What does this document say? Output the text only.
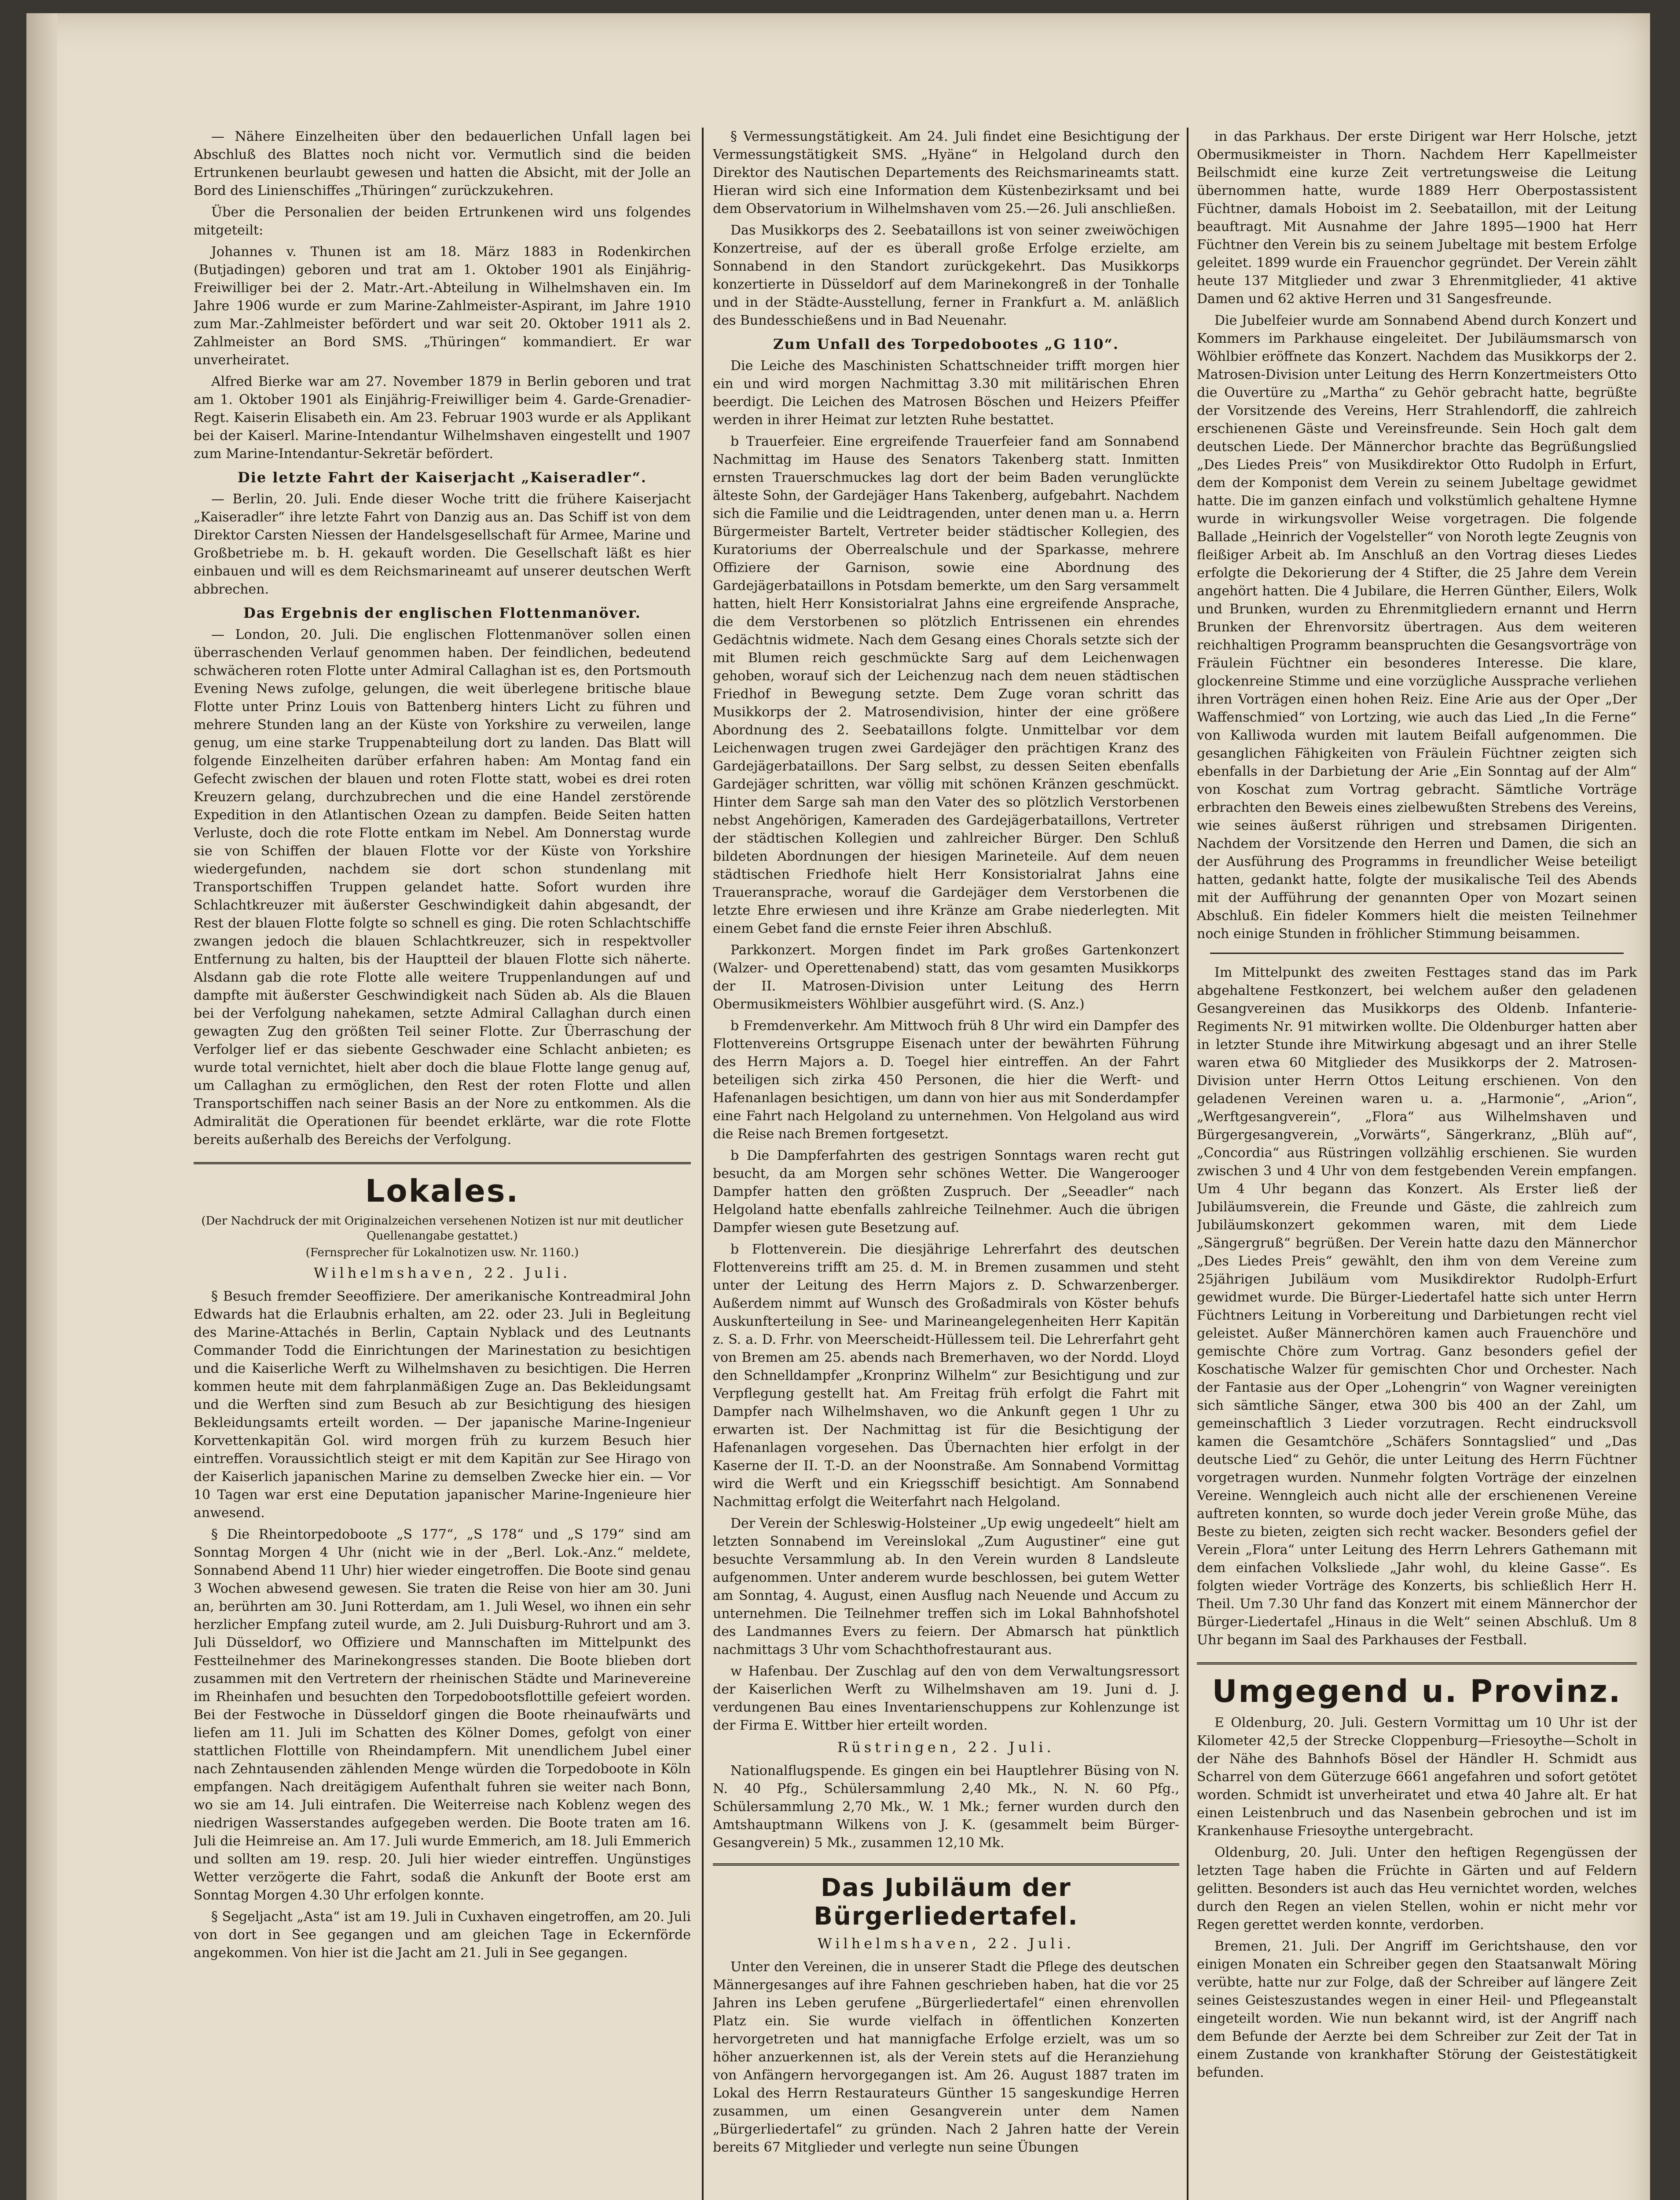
— Nähere Einzelheiten über den bedauerlichen Unfall lagen bei Abschluß des Blattes noch nicht vor. Vermutlich sind die beiden Ertrunkenen beurlaubt gewesen und hatten die Absicht, mit der Jolle an Bord des Linienschiffes „Thüringen“ zurückzukehren.

Über die Personalien der beiden Ertrunkenen wird uns folgendes mitgeteilt:

Johannes v. Thunen ist am 18. März 1883 in Rodenkirchen (Butjadingen) geboren und trat am 1. Oktober 1901 als Einjährig-Freiwilliger bei der 2. Matr.-Art.-Abteilung in Wilhelmshaven ein. Im Jahre 1906 wurde er zum Marine-Zahlmeister-Aspirant, im Jahre 1910 zum Mar.-Zahlmeister befördert und war seit 20. Oktober 1911 als 2. Zahlmeister an Bord SMS. „Thüringen“ kommandiert. Er war unverheiratet.

Alfred Bierke war am 27. November 1879 in Berlin geboren und trat am 1. Oktober 1901 als Einjährig-Freiwilliger beim 4. Garde-Grenadier-Regt. Kaiserin Elisabeth ein. Am 23. Februar 1903 wurde er als Applikant bei der Kaiserl. Marine-Intendantur Wilhelmshaven eingestellt und 1907 zum Marine-Intendantur-Sekretär befördert.

Die letzte Fahrt der Kaiserjacht „Kaiseradler“.

— Berlin, 20. Juli. Ende dieser Woche tritt die frühere Kaiserjacht „Kaiseradler“ ihre letzte Fahrt von Danzig aus an. Das Schiff ist von dem Direktor Carsten Niessen der Handelsgesellschaft für Armee, Marine und Großbetriebe m. b. H. gekauft worden. Die Gesellschaft läßt es hier einbauen und will es dem Reichsmarineamt auf unserer deutschen Werft abbrechen.

Das Ergebnis der englischen Flottenmanöver.

— London, 20. Juli. Die englischen Flottenmanöver sollen einen überraschenden Verlauf genommen haben. Der feindlichen, bedeutend schwächeren roten Flotte unter Admiral Callaghan ist es, den Portsmouth Evening News zufolge, gelungen, die weit überlegene britische blaue Flotte unter Prinz Louis von Battenberg hinters Licht zu führen und mehrere Stunden lang an der Küste von Yorkshire zu verweilen, lange genug, um eine starke Truppenabteilung dort zu landen. Das Blatt will folgende Einzelheiten darüber erfahren haben: Am Montag fand ein Gefecht zwischen der blauen und roten Flotte statt, wobei es drei roten Kreuzern gelang, durchzubrechen und die eine Handel zerstörende Expedition in den Atlantischen Ozean zu dampfen. Beide Seiten hatten Verluste, doch die rote Flotte entkam im Nebel. Am Donnerstag wurde sie von Schiffen der blauen Flotte vor der Küste von Yorkshire wiedergefunden, nachdem sie dort schon stundenlang mit Transportschiffen Truppen gelandet hatte. Sofort wurden ihre Schlachtkreuzer mit äußerster Geschwindigkeit dahin abgesandt, der Rest der blauen Flotte folgte so schnell es ging. Die roten Schlachtschiffe zwangen jedoch die blauen Schlachtkreuzer, sich in respektvoller Entfernung zu halten, bis der Hauptteil der blauen Flotte sich näherte. Alsdann gab die rote Flotte alle weitere Truppenlandungen auf und dampfte mit äußerster Geschwindigkeit nach Süden ab. Als die Blauen bei der Verfolgung nahekamen, setzte Admiral Callaghan durch einen gewagten Zug den größten Teil seiner Flotte. Zur Überraschung der Verfolger lief er das siebente Geschwader eine Schlacht anbieten; es wurde total vernichtet, hielt aber doch die blaue Flotte lange genug auf, um Callaghan zu ermöglichen, den Rest der roten Flotte und allen Transportschiffen nach seiner Basis an der Nore zu entkommen. Als die Admiralität die Operationen für beendet erklärte, war die rote Flotte bereits außerhalb des Bereichs der Verfolgung.

Lokales.
(Der Nachdruck der mit Originalzeichen versehenen Notizen ist nur mit deutlicher Quellenangabe gestattet.)
(Fernsprecher für Lokalnotizen usw. Nr. 1160.)
Wilhelmshaven, 22. Juli.

§ Besuch fremder Seeoffiziere. Der amerikanische Kontreadmiral John Edwards hat die Erlaubnis erhalten, am 22. oder 23. Juli in Begleitung des Marine-Attachés in Berlin, Captain Nyblack und des Leutnants Commander Todd die Einrichtungen der Marinestation zu besichtigen und die Kaiserliche Werft zu Wilhelmshaven zu besichtigen. Die Herren kommen heute mit dem fahrplanmäßigen Zuge an. Das Bekleidungsamt und die Werften sind zum Besuch ab zur Besichtigung des hiesigen Bekleidungsamts erteilt worden. — Der japanische Marine-Ingenieur Korvettenkapitän Gol. wird morgen früh zu kurzem Besuch hier eintreffen. Voraussichtlich steigt er mit dem Kapitän zur See Hirago von der Kaiserlich japanischen Marine zu demselben Zwecke hier ein. — Vor 10 Tagen war erst eine Deputation japanischer Marine-Ingenieure hier anwesend.

§ Die Rheintorpedoboote „S 177“, „S 178“ und „S 179“ sind am Sonntag Morgen 4 Uhr (nicht wie in der „Berl. Lok.-Anz.“ meldete, Sonnabend Abend 11 Uhr) hier wieder eingetroffen. Die Boote sind genau 3 Wochen abwesend gewesen. Sie traten die Reise von hier am 30. Juni an, berührten am 30. Juni Rotterdam, am 1. Juli Wesel, wo ihnen ein sehr herzlicher Empfang zuteil wurde, am 2. Juli Duisburg-Ruhrort und am 3. Juli Düsseldorf, wo Offiziere und Mannschaften im Mittelpunkt des Festteilnehmer des Marinekongresses standen. Die Boote blieben dort zusammen mit den Vertretern der rheinischen Städte und Marinevereine im Rheinhafen und besuchten den Torpedobootsflottille gefeiert worden. Bei der Festwoche in Düsseldorf gingen die Boote rheinaufwärts und liefen am 11. Juli im Schatten des Kölner Domes, gefolgt von einer stattlichen Flottille von Rheindampfern. Mit unendlichem Jubel einer nach Zehntausenden zählenden Menge würden die Torpedoboote in Köln empfangen. Nach dreitägigem Aufenthalt fuhren sie weiter nach Bonn, wo sie am 14. Juli eintrafen. Die Weiterreise nach Koblenz wegen des niedrigen Wasserstandes aufgegeben werden. Die Boote traten am 16. Juli die Heimreise an. Am 17. Juli wurde Emmerich, am 18. Juli Emmerich und sollten am 19. resp. 20. Juli hier wieder eintreffen. Ungünstiges Wetter verzögerte die Fahrt, sodaß die Ankunft der Boote erst am Sonntag Morgen 4.30 Uhr erfolgen konnte.

§ Segeljacht „Asta“ ist am 19. Juli in Cuxhaven eingetroffen, am 20. Juli von dort in See gegangen und am gleichen Tage in Eckernförde angekommen. Von hier ist die Jacht am 21. Juli in See gegangen.

§ Vermessungstätigkeit. Am 24. Juli findet eine Besichtigung der Vermessungstätigkeit SMS. „Hyäne“ in Helgoland durch den Direktor des Nautischen Departements des Reichsmarineamts statt. Hieran wird sich eine Information dem Küstenbezirksamt und bei dem Observatorium in Wilhelmshaven vom 25.—26. Juli anschließen.

Das Musikkorps des 2. Seebataillons ist von seiner zweiwöchigen Konzertreise, auf der es überall große Erfolge erzielte, am Sonnabend in den Standort zurückgekehrt. Das Musikkorps konzertierte in Düsseldorf auf dem Marinekongreß in der Tonhalle und in der Städte-Ausstellung, ferner in Frankfurt a. M. anläßlich des Bundesschießens und in Bad Neuenahr.

Zum Unfall des Torpedobootes „G 110“.

Die Leiche des Maschinisten Schattschneider trifft morgen hier ein und wird morgen Nachmittag 3.30 mit militärischen Ehren beerdigt. Die Leichen des Matrosen Böschen und Heizers Pfeiffer werden in ihrer Heimat zur letzten Ruhe bestattet.

b Trauerfeier. Eine ergreifende Trauerfeier fand am Sonnabend Nachmittag im Hause des Senators Takenberg statt. Inmitten ernsten Trauerschmuckes lag dort der beim Baden verunglückte älteste Sohn, der Gardejäger Hans Takenberg, aufgebahrt. Nachdem sich die Familie und die Leidtragenden, unter denen man u. a. Herrn Bürgermeister Bartelt, Vertreter beider städtischer Kollegien, des Kuratoriums der Oberrealschule und der Sparkasse, mehrere Offiziere der Garnison, sowie eine Abordnung des Gardejägerbataillons in Potsdam bemerkte, um den Sarg versammelt hatten, hielt Herr Konsistorialrat Jahns eine ergreifende Ansprache, die dem Verstorbenen so plötzlich Entrissenen ein ehrendes Gedächtnis widmete. Nach dem Gesang eines Chorals setzte sich der mit Blumen reich geschmückte Sarg auf dem Leichenwagen gehoben, worauf sich der Leichenzug nach dem neuen städtischen Friedhof in Bewegung setzte. Dem Zuge voran schritt das Musikkorps der 2. Matrosendivision, hinter der eine größere Abordnung des 2. Seebataillons folgte. Unmittelbar vor dem Leichenwagen trugen zwei Gardejäger den prächtigen Kranz des Gardejägerbataillons. Der Sarg selbst, zu dessen Seiten ebenfalls Gardejäger schritten, war völlig mit schönen Kränzen geschmückt. Hinter dem Sarge sah man den Vater des so plötzlich Verstorbenen nebst Angehörigen, Kameraden des Gardejägerbataillons, Vertreter der städtischen Kollegien und zahlreicher Bürger. Den Schluß bildeten Abordnungen der hiesigen Marineteile. Auf dem neuen städtischen Friedhofe hielt Herr Konsistorialrat Jahns eine Traueransprache, worauf die Gardejäger dem Verstorbenen die letzte Ehre erwiesen und ihre Kränze am Grabe niederlegten. Mit einem Gebet fand die ernste Feier ihren Abschluß.

Parkkonzert. Morgen findet im Park großes Gartenkonzert (Walzer- und Operettenabend) statt, das vom gesamten Musikkorps der II. Matrosen-Division unter Leitung des Herrn Obermusikmeisters Wöhlbier ausgeführt wird. (S. Anz.)

b Fremdenverkehr. Am Mittwoch früh 8 Uhr wird ein Dampfer des Flottenvereins Ortsgruppe Eisenach unter der bewährten Führung des Herrn Majors a. D. Toegel hier eintreffen. An der Fahrt beteiligen sich zirka 450 Personen, die hier die Werft- und Hafenanlagen besichtigen, um dann von hier aus mit Sonderdampfer eine Fahrt nach Helgoland zu unternehmen. Von Helgoland aus wird die Reise nach Bremen fortgesetzt.

b Die Dampferfahrten des gestrigen Sonntags waren recht gut besucht, da am Morgen sehr schönes Wetter. Die Wangerooger Dampfer hatten den größten Zuspruch. Der „Seeadler“ nach Helgoland hatte ebenfalls zahlreiche Teilnehmer. Auch die übrigen Dampfer wiesen gute Besetzung auf.

b Flottenverein. Die diesjährige Lehrerfahrt des deutschen Flottenvereins trifft am 25. d. M. in Bremen zusammen und steht unter der Leitung des Herrn Majors z. D. Schwarzenberger. Außerdem nimmt auf Wunsch des Großadmirals von Köster behufs Auskunfterteilung in See- und Marineangelegenheiten Herr Kapitän z. S. a. D. Frhr. von Meerscheidt-Hüllessem teil. Die Lehrerfahrt geht von Bremen am 25. abends nach Bremerhaven, wo der Nordd. Lloyd den Schnelldampfer „Kronprinz Wilhelm“ zur Besichtigung und zur Verpflegung gestellt hat. Am Freitag früh erfolgt die Fahrt mit Dampfer nach Wilhelmshaven, wo die Ankunft gegen 1 Uhr zu erwarten ist. Der Nachmittag ist für die Besichtigung der Hafenanlagen vorgesehen. Das Übernachten hier erfolgt in der Kaserne der II. T.-D. an der Noonstraße. Am Sonnabend Vormittag wird die Werft und ein Kriegsschiff besichtigt. Am Sonnabend Nachmittag erfolgt die Weiterfahrt nach Helgoland.

Der Verein der Schleswig-Holsteiner „Up ewig ungedeelt“ hielt am letzten Sonnabend im Vereinslokal „Zum Augustiner“ eine gut besuchte Versammlung ab. In den Verein wurden 8 Landsleute aufgenommen. Unter anderem wurde beschlossen, bei gutem Wetter am Sonntag, 4. August, einen Ausflug nach Neuende und Accum zu unternehmen. Die Teilnehmer treffen sich im Lokal Bahnhofshotel des Landmannes Evers zu feiern. Der Abmarsch hat pünktlich nachmittags 3 Uhr vom Schachthofrestaurant aus.

w Hafenbau. Der Zuschlag auf den von dem Verwaltungsressort der Kaiserlichen Werft zu Wilhelmshaven am 19. Juni d. J. verdungenen Bau eines Inventarienschuppens zur Kohlenzunge ist der Firma E. Wittber hier erteilt worden.

Rüstringen, 22. Juli.

Nationalflugspende. Es gingen ein bei Hauptlehrer Büsing von N. N. 40 Pfg., Schülersammlung 2,40 Mk., N. N. 60 Pfg., Schülersammlung 2,70 Mk., W. 1 Mk.; ferner wurden durch den Amtshauptmann Wilkens von J. K. (gesammelt beim Bürger-Gesangverein) 5 Mk., zusammen 12,10 Mk.

Das Jubiläum der Bürgerliedertafel.
Wilhelmshaven, 22. Juli.

Unter den Vereinen, die in unserer Stadt die Pflege des deutschen Männergesanges auf ihre Fahnen geschrieben haben, hat die vor 25 Jahren ins Leben gerufene „Bürgerliedertafel“ einen ehrenvollen Platz ein. Sie wurde vielfach in öffentlichen Konzerten hervorgetreten und hat mannigfache Erfolge erzielt, was um so höher anzuerkennen ist, als der Verein stets auf die Heranziehung von Anfängern hervorgegangen ist. Am 26. August 1887 traten im Lokal des Herrn Restaurateurs Günther 15 sangeskundige Herren zusammen, um einen Gesangverein unter dem Namen „Bürgerliedertafel“ zu gründen. Nach 2 Jahren hatte der Verein bereits 67 Mitglieder und verlegte nun seine Übungen

in das Parkhaus. Der erste Dirigent war Herr Holsche, jetzt Obermusikmeister in Thorn. Nachdem Herr Kapellmeister Beilschmidt eine kurze Zeit vertretungsweise die Leitung übernommen hatte, wurde 1889 Herr Oberpostassistent Füchtner, damals Hoboist im 2. Seebataillon, mit der Leitung beauftragt. Mit Ausnahme der Jahre 1895—1900 hat Herr Füchtner den Verein bis zu seinem Jubeltage mit bestem Erfolge geleitet. 1899 wurde ein Frauenchor gegründet. Der Verein zählt heute 137 Mitglieder und zwar 3 Ehrenmitglieder, 41 aktive Damen und 62 aktive Herren und 31 Sangesfreunde.

Die Jubelfeier wurde am Sonnabend Abend durch Konzert und Kommers im Parkhause eingeleitet. Der Jubiläumsmarsch von Wöhlbier eröffnete das Konzert. Nachdem das Musikkorps der 2. Matrosen-Division unter Leitung des Herrn Konzertmeisters Otto die Ouvertüre zu „Martha“ zu Gehör gebracht hatte, begrüßte der Vorsitzende des Vereins, Herr Strahlendorff, die zahlreich erschienenen Gäste und Vereinsfreunde. Sein Hoch galt dem deutschen Liede. Der Männerchor brachte das Begrüßungslied „Des Liedes Preis“ von Musikdirektor Otto Rudolph in Erfurt, dem der Komponist dem Verein zu seinem Jubeltage gewidmet hatte. Die im ganzen einfach und volkstümlich gehaltene Hymne wurde in wirkungsvoller Weise vorgetragen. Die folgende Ballade „Heinrich der Vogelsteller“ von Noroth legte Zeugnis von fleißiger Arbeit ab. Im Anschluß an den Vortrag dieses Liedes erfolgte die Dekorierung der 4 Stifter, die 25 Jahre dem Verein angehört hatten. Die 4 Jubilare, die Herren Günther, Eilers, Wolk und Brunken, wurden zu Ehrenmitgliedern ernannt und Herrn Brunken der Ehrenvorsitz übertragen. Aus dem weiteren reichhaltigen Programm beanspruchten die Gesangsvorträge von Fräulein Füchtner ein besonderes Interesse. Die klare, glockenreine Stimme und eine vorzügliche Aussprache verliehen ihren Vorträgen einen hohen Reiz. Eine Arie aus der Oper „Der Waffenschmied“ von Lortzing, wie auch das Lied „In die Ferne“ von Kalliwoda wurden mit lautem Beifall aufgenommen. Die gesanglichen Fähigkeiten von Fräulein Füchtner zeigten sich ebenfalls in der Darbietung der Arie „Ein Sonntag auf der Alm“ von Koschat zum Vortrag gebracht. Sämtliche Vorträge erbrachten den Beweis eines zielbewußten Strebens des Vereins, wie seines äußerst rührigen und strebsamen Dirigenten. Nachdem der Vorsitzende den Herren und Damen, die sich an der Ausführung des Programms in freundlicher Weise beteiligt hatten, gedankt hatte, folgte der musikalische Teil des Abends mit der Aufführung der genannten Oper von Mozart seinen Abschluß. Ein fideler Kommers hielt die meisten Teilnehmer noch einige Stunden in fröhlicher Stimmung beisammen.

Im Mittelpunkt des zweiten Festtages stand das im Park abgehaltene Festkonzert, bei welchem außer den geladenen Gesangvereinen das Musikkorps des Oldenb. Infanterie-Regiments Nr. 91 mitwirken wollte. Die Oldenburger hatten aber in letzter Stunde ihre Mitwirkung abgesagt und an ihrer Stelle waren etwa 60 Mitglieder des Musikkorps der 2. Matrosen-Division unter Herrn Ottos Leitung erschienen. Von den geladenen Vereinen waren u. a. „Harmonie“, „Arion“, „Werftgesangverein“, „Flora“ aus Wilhelmshaven und Bürgergesangverein, „Vorwärts“, Sängerkranz, „Blüh auf“, „Concordia“ aus Rüstringen vollzählig erschienen. Sie wurden zwischen 3 und 4 Uhr von dem festgebenden Verein empfangen. Um 4 Uhr begann das Konzert. Als Erster ließ der Jubiläumsverein, die Freunde und Gäste, die zahlreich zum Jubiläumskonzert gekommen waren, mit dem Liede „Sängergruß“ begrüßen. Der Verein hatte dazu den Männerchor „Des Liedes Preis“ gewählt, den ihm von dem Vereine zum 25jährigen Jubiläum vom Musikdirektor Rudolph-Erfurt gewidmet wurde. Die Bürger-Liedertafel hatte sich unter Herrn Füchtners Leitung in Vorbereitung und Darbietungen recht viel geleistet. Außer Männerchören kamen auch Frauenchöre und gemischte Chöre zum Vortrag. Ganz besonders gefiel der Koschatische Walzer für gemischten Chor und Orchester. Nach der Fantasie aus der Oper „Lohengrin“ von Wagner vereinigten sich sämtliche Sänger, etwa 300 bis 400 an der Zahl, um gemeinschaftlich 3 Lieder vorzutragen. Recht eindrucksvoll kamen die Gesamtchöre „Schäfers Sonntagslied“ und „Das deutsche Lied“ zu Gehör, die unter Leitung des Herrn Füchtner vorgetragen wurden. Nunmehr folgten Vorträge der einzelnen Vereine. Wenngleich auch nicht alle der erschienenen Vereine auftreten konnten, so wurde doch jeder Verein große Mühe, das Beste zu bieten, zeigten sich recht wacker. Besonders gefiel der Verein „Flora“ unter Leitung des Herrn Lehrers Gathemann mit dem einfachen Volksliede „Jahr wohl, du kleine Gasse“. Es folgten wieder Vorträge des Konzerts, bis schließlich Herr H. Theil. Um 7.30 Uhr fand das Konzert mit einem Männerchor der Bürger-Liedertafel „Hinaus in die Welt“ seinen Abschluß. Um 8 Uhr begann im Saal des Parkhauses der Festball.

Umgegend u. Provinz.

E Oldenburg, 20. Juli. Gestern Vormittag um 10 Uhr ist der Kilometer 42,5 der Strecke Cloppenburg—Friesoythe—Scholt in der Nähe des Bahnhofs Bösel der Händler H. Schmidt aus Scharrel von dem Güterzuge 6661 angefahren und sofort getötet worden. Schmidt ist unverheiratet und etwa 40 Jahre alt. Er hat einen Leistenbruch und das Nasenbein gebrochen und ist im Krankenhause Friesoythe untergebracht.

Oldenburg, 20. Juli. Unter den heftigen Regengüssen der letzten Tage haben die Früchte in Gärten und auf Feldern gelitten. Besonders ist auch das Heu vernichtet worden, welches durch den Regen an vielen Stellen, wohin er nicht mehr vor Regen gerettet werden konnte, verdorben.

Bremen, 21. Juli. Der Angriff im Gerichtshause, den vor einigen Monaten ein Schreiber gegen den Staatsanwalt Möring verübte, hatte nur zur Folge, daß der Schreiber auf längere Zeit seines Geisteszustandes wegen in einer Heil- und Pflegeanstalt eingeteilt worden. Wie nun bekannt wird, ist der Angriff nach dem Befunde der Aerzte bei dem Schreiber zur Zeit der Tat in einem Zustande von krankhafter Störung der Geistestätigkeit befunden.
